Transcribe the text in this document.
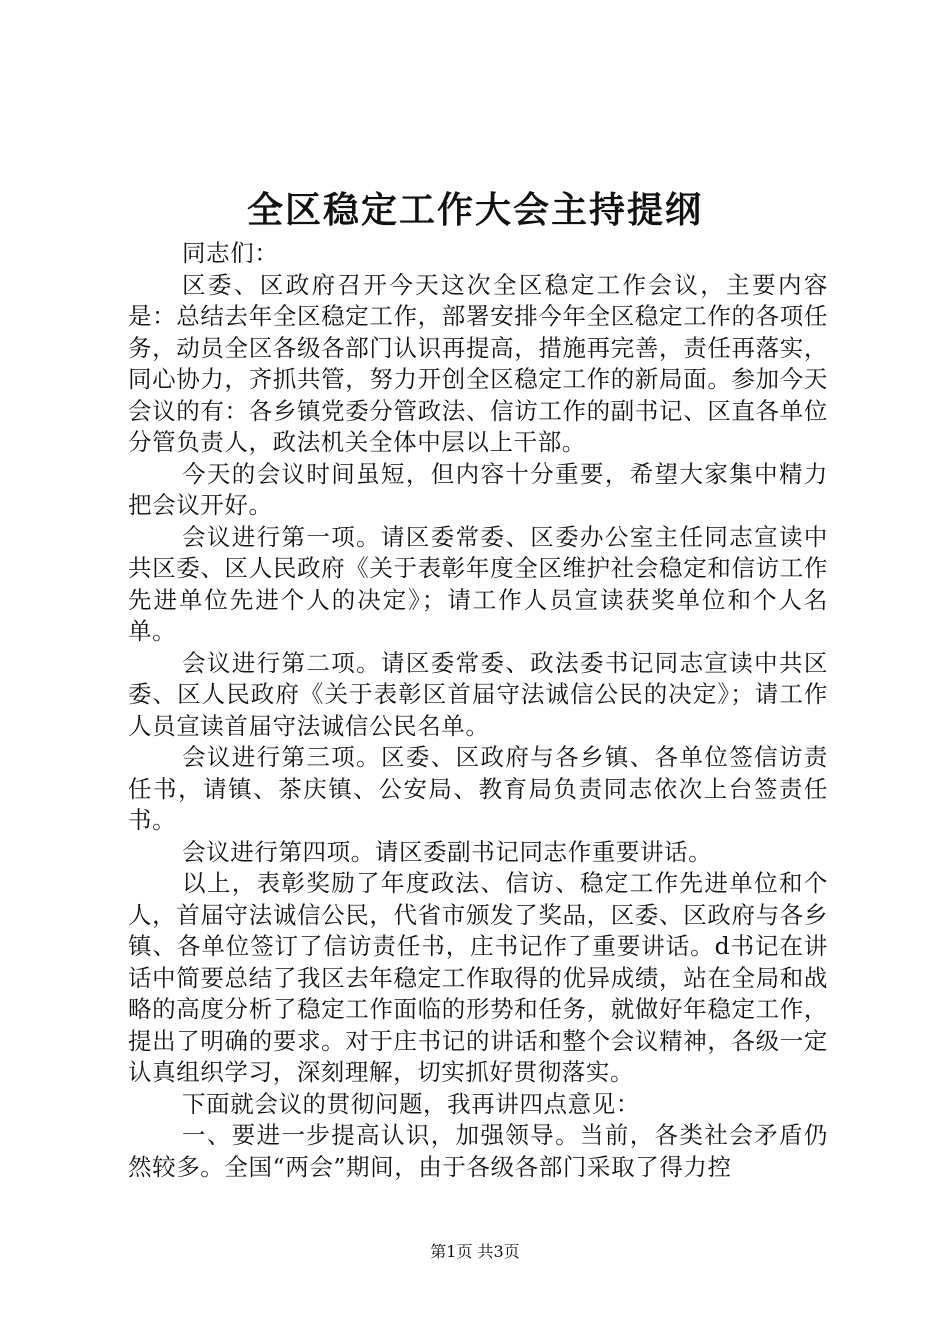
全区稳定工作大会主持提纲

同志们：

区委、区政府召开今天这次全区稳定工作会议，主要内容是：总结去年全区稳定工作，部署安排今年全区稳定工作的各项任务，动员全区各级各部门认识再提高，措施再完善，责任再落实，同心协力，齐抓共管，努力开创全区稳定工作的新局面。参加今天会议的有：各乡镇党委分管政法、信访工作的副书记、区直各单位分管负责人，政法机关全体中层以上干部。

今天的会议时间虽短，但内容十分重要，希望大家集中精力把会议开好。

会议进行第一项。请区委常委、区委办公室主任同志宣读中共区委、区人民政府《关于表彰年度全区维护社会稳定和信访工作先进单位先进个人的决定》；请工作人员宣读获奖单位和个人名单。

会议进行第二项。请区委常委、政法委书记同志宣读中共区委、区人民政府《关于表彰区首届守法诚信公民的决定》；请工作人员宣读首届守法诚信公民名单。

会议进行第三项。区委、区政府与各乡镇、各单位签信访责任书，请镇、茶庆镇、公安局、教育局负责同志依次上台签责任书。

会议进行第四项。请区委副书记同志作重要讲话。

以上，表彰奖励了年度政法、信访、稳定工作先进单位和个人，首届守法诚信公民，代省市颁发了奖品，区委、区政府与各乡镇、各单位签订了信访责任书，庄书记作了重要讲话。d书记在讲话中简要总结了我区去年稳定工作取得的优异成绩，站在全局和战略的高度分析了稳定工作面临的形势和任务，就做好年稳定工作，提出了明确的要求。对于庄书记的讲话和整个会议精神，各级一定认真组织学习，深刻理解，切实抓好贯彻落实。

下面就会议的贯彻问题，我再讲四点意见：

一、要进一步提高认识，加强领导。当前，各类社会矛盾仍然较多。全国“两会”期间，由于各级各部门采取了得力控

第1页 共3页
